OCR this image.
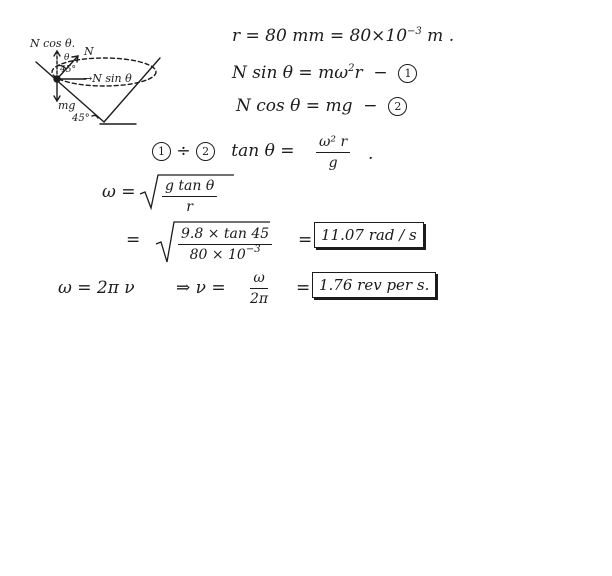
N cos θ.
N
θ
45°
→N sin θ
mg
45°
r = 80 mm = $80\times 10^{-3}$ m .
N $\sin \theta = m\omega^2r - 1$
N cos θ = mg − 2
1 ÷ 2 $\tan \theta = \frac{\text{ω² r}}{g}$ .
$\omega = \frac{\text{g tan θ}}{r}$
=	$\frac{9.8 \times \tan 45}{80 \times 10^{-3}} = 11.07$ rad / s
ω = 2π ν ⇒ $\nu = \frac{\omega}{2\pi} = 1.76$ rev per s.
